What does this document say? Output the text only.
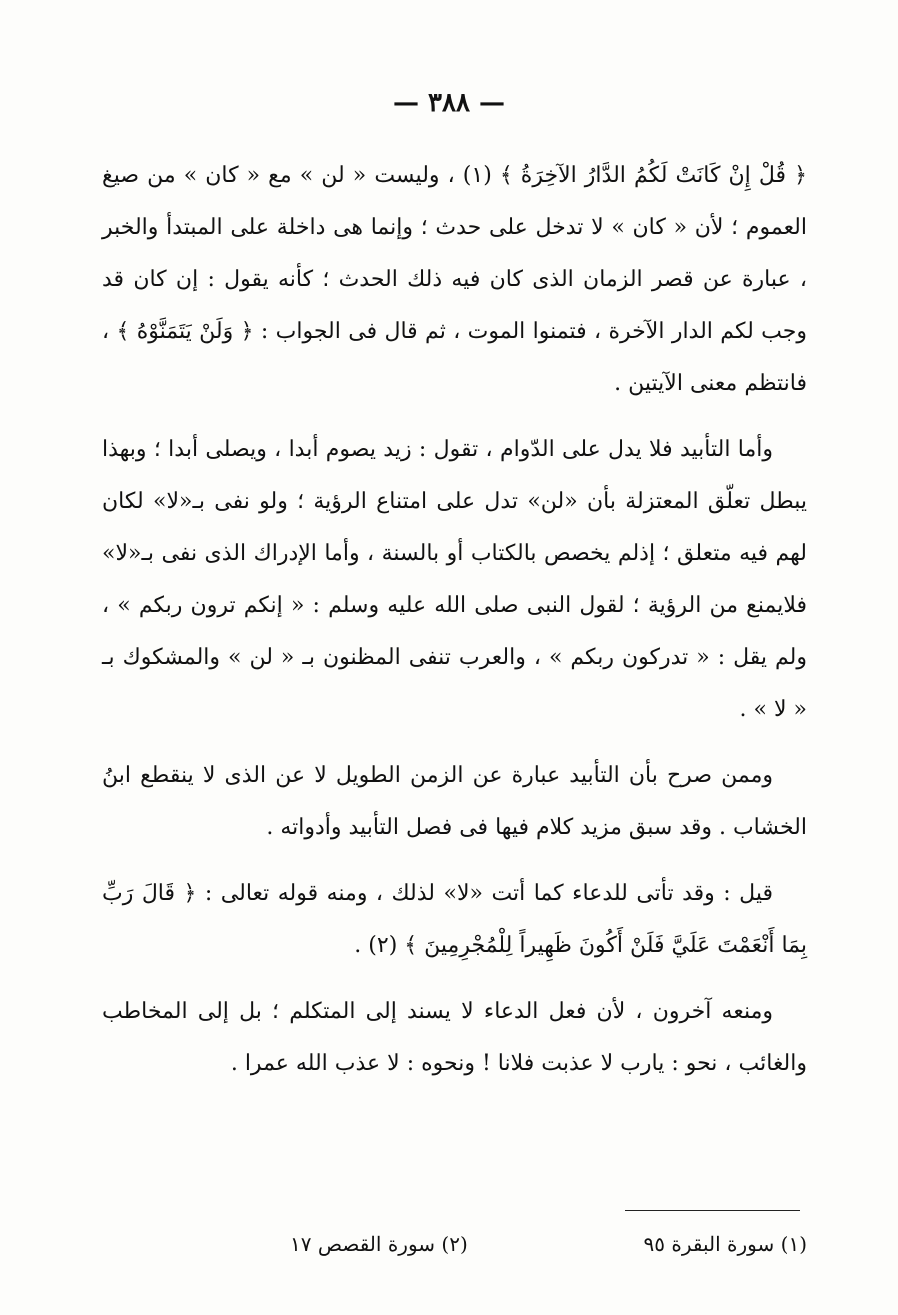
— ٣٨٨ —

﴿ قُلْ إِنْ كَانَتْ لَكُمُ الدَّارُ الآخِرَةُ ﴾ (١) ، وليست « لن » مع « كان » من صيغ العموم ؛ لأن « كان » لا تدخل على حدث ؛ وإنما هى داخلة على المبتدأ والخبر ، عبارة عن قصر الزمان الذى كان فيه ذلك الحدث ؛ كأنه يقول : إن كان قد وجب لكم الدار الآخرة ، فتمنوا الموت ، ثم قال فى الجواب : ﴿ وَلَنْ يَتَمَنَّوْهُ ﴾ ، فانتظم معنى الآيتين .

وأما التأبيد فلا يدل على الدّوام ، تقول : زيد يصوم أبدا ، ويصلى أبدا ؛ وبهذا يبطل تعلّق المعتزلة بأن «لن» تدل على امتناع الرؤية ؛ ولو نفى بـ«لا» لكان لهم فيه متعلق ؛ إذلم يخصص بالكتاب أو بالسنة ، وأما الإدراك الذى نفى بـ«لا» فلايمنع من الرؤية ؛ لقول النبى صلى الله عليه وسلم : « إنكم ترون ربكم » ، ولم يقل : « تدركون ربكم » ، والعرب تنفى المظنون بـ « لن » والمشكوك بـ « لا » .

وممن صرح بأن التأبيد عبارة عن الزمن الطويل لا عن الذى لا ينقطع ابنُ الخشاب . وقد سبق مزيد كلام فيها فى فصل التأبيد وأدواته .

قيل : وقد تأتى للدعاء كما أتت «لا» لذلك ، ومنه قوله تعالى : ﴿ قَالَ رَبِّ بِمَا أَنْعَمْتَ عَلَيَّ فَلَنْ أَكُونَ ظَهِيراً لِلْمُجْرِمِينَ ﴾ (٢) .

ومنعه آخرون ، لأن فعل الدعاء لا يسند إلى المتكلم ؛ بل إلى المخاطب والغائب ، نحو : يارب لا عذبت فلانا ! ونحوه : لا عذب الله عمرا .

(١) سورة البقرة ٩٥
(٢) سورة القصص ١٧
